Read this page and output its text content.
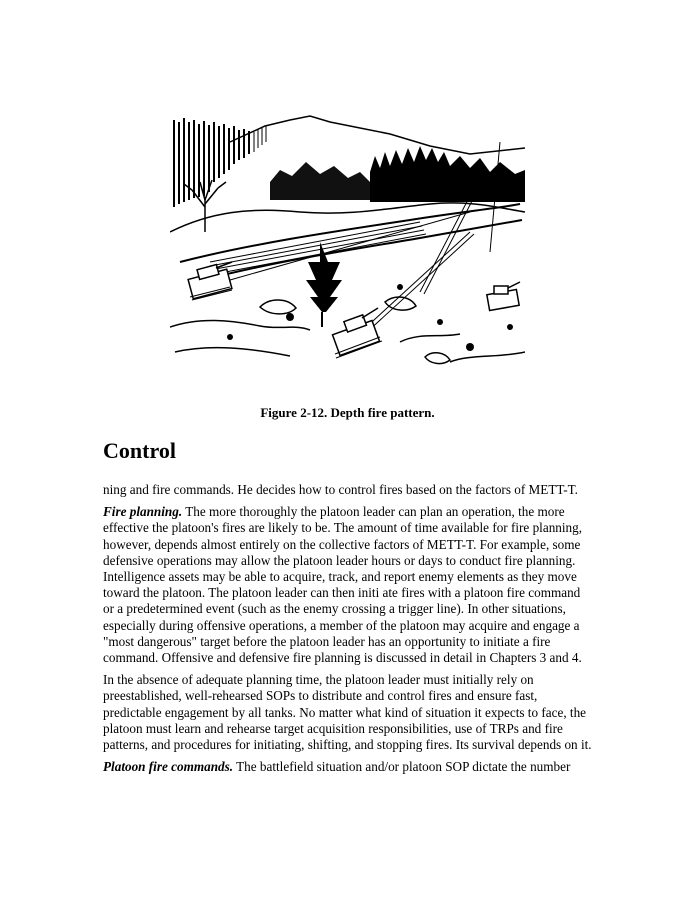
Figure 2-12. Depth fire pattern.
Control

ning and fire commands. He decides how to control fires based on the factors of METT-T.

Fire planning. The more thoroughly the platoon leader can plan an operation, the more effective the platoon's fires are likely to be. The amount of time available for fire planning, however, depends almost entirely on the collective factors of METT-T. For example, some defensive operations may allow the platoon leader hours or days to conduct fire planning. Intelligence assets may be able to acquire, track, and report enemy elements as they move toward the platoon. The platoon leader can then initi ate fires with a platoon fire command or a predetermined event (such as the enemy crossing a trigger line). In other situations, especially during offensive operations, a member of the platoon may acquire and engage a "most dangerous" target before the platoon leader has an opportunity to initiate a fire command. Offensive and defensive fire planning is discussed in detail in Chapters 3 and 4.

In the absence of adequate planning time, the platoon leader must initially rely on preestablished, well-rehearsed SOPs to distribute and control fires and ensure fast, predictable engagement by all tanks. No matter what kind of situation it expects to face, the platoon must learn and rehearse target acquisition responsibilities, use of TRPs and fire patterns, and procedures for initiating, shifting, and stopping fires. Its survival depends on it.

Platoon fire commands. The battlefield situation and/or platoon SOP dictate the number
